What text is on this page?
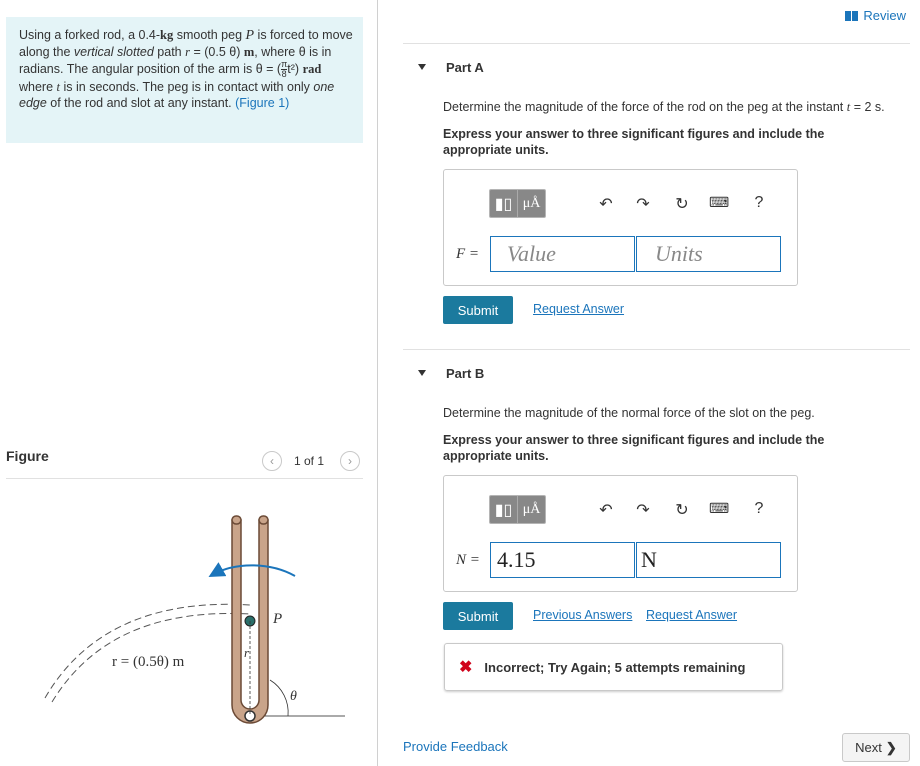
Using a forked rod, a 0.4-kg smooth peg P is forced to move along the vertical slotted path r = (0.5 θ) m, where θ is in radians. The angular position of the arm is θ = ( $\frac{\pi}{8} t^2$) rad where t is in seconds. The peg is in contact with only one edge of the rod and slot at any instant. (Figure 1)
Figure	‹ 1 of 1 ›
r = (0.5θ) m
P
r
θ
Review
Part A
Determine the magnitude of the force of the rod on the peg at the instant t = 2 s.
Express your answer to three significant figures and include the appropriate units.
▮▯ μÅ	↶ ↷ ↻ ⌨	?
F =	Value	Units
Submit	Request Answer
Part B
Determine the magnitude of the normal force of the slot on the peg.
Express your answer to three significant figures and include the appropriate units.
▮▯ μÅ	↶ ↷ ↻ ⌨	?
N = 4.15	N
Submit	Previous Answers Request Answer
✖ Incorrect; Try Again; 5 attempts remaining
Provide Feedback	Next ❯
